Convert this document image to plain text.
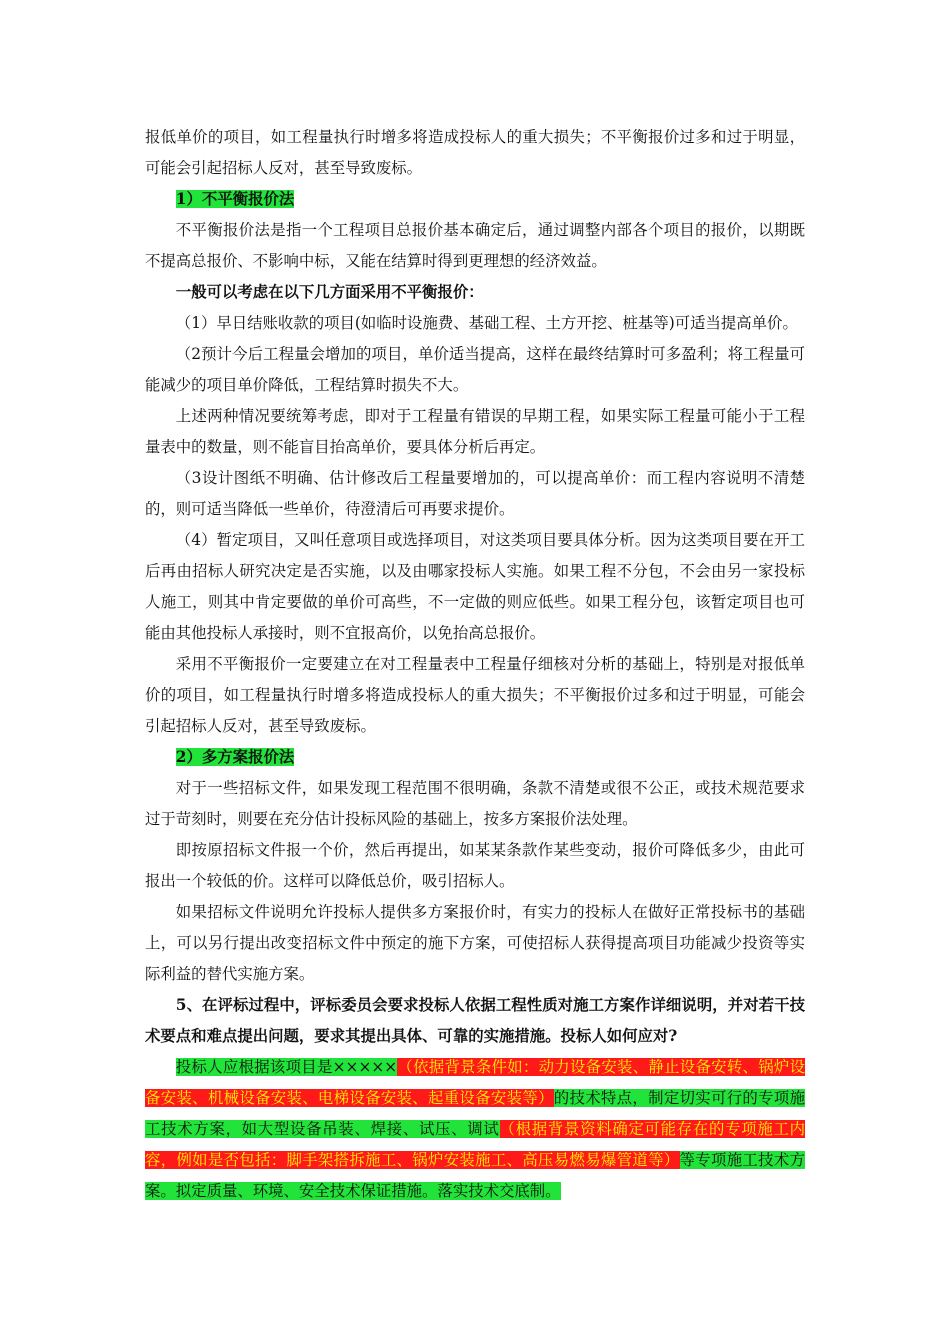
报低单价的项目，如工程量执行时增多将造成投标人的重大损失；不平衡报价过多和过于明显，可能会引起招标人反对，甚至导致废标。

1）不平衡报价法

不平衡报价法是指一个工程项目总报价基本确定后，通过调整内部各个项目的报价，以期既不提高总报价、不影响中标，又能在结算时得到更理想的经济效益。

一般可以考虑在以下几方面采用不平衡报价：

（1）早日结账收款的项目(如临时设施费、基础工程、土方开挖、桩基等)可适当提高单价。

（2预计今后工程量会增加的项目，单价适当提高，这样在最终结算时可多盈利；将工程量可能减少的项目单价降低，工程结算时损失不大。

上述两种情况要统筹考虑，即对于工程量有错误的早期工程，如果实际工程量可能小于工程量表中的数量，则不能盲目抬高单价，要具体分析后再定。

（3设计图纸不明确、估计修改后工程量要增加的，可以提高单价：而工程内容说明不清楚的，则可适当降低一些单价，待澄清后可再要求提价。

（4）暂定项目，又叫任意项目或选择项目，对这类项目要具体分析。因为这类项目要在开工后再由招标人研究决定是否实施，以及由哪家投标人实施。如果工程不分包，不会由另一家投标人施工，则其中肯定要做的单价可高些，不一定做的则应低些。如果工程分包，该暂定项目也可能由其他投标人承接时，则不宜报高价，以免抬高总报价。

采用不平衡报价一定要建立在对工程量表中工程量仔细核对分析的基础上，特别是对报低单价的项目，如工程量执行时增多将造成投标人的重大损失；不平衡报价过多和过于明显，可能会引起招标人反对，甚至导致废标。

2）多方案报价法

对于一些招标文件，如果发现工程范围不很明确，条款不清楚或很不公正，或技术规范要求过于苛刻时，则要在充分估计投标风险的基础上，按多方案报价法处理。

即按原招标文件报一个价，然后再提出，如某某条款作某些变动，报价可降低多少，由此可报出一个较低的价。这样可以降低总价，吸引招标人。

如果招标文件说明允许投标人提供多方案报价时，有实力的投标人在做好正常投标书的基础上，可以另行提出改变招标文件中预定的施下方案，可使招标人获得提高项目功能减少投资等实际利益的替代实施方案。

5、在评标过程中，评标委员会要求投标人依据工程性质对施工方案作详细说明，并对若干技术要点和难点提出问题，要求其提出具体、可靠的实施措施。投标人如何应对?

投标人应根据该项目是×××××（依据背景条件如：动力设备安装、静止设备安转、锅炉设备安装、机械设备安装、电梯设备安装、起重设备安装等）的技术特点，制定切实可行的专项施工技术方案，如大型设备吊装、焊接、试压、调试（根据背景资料确定可能存在的专项施工内容，例如是否包括：脚手架搭拆施工、锅炉安装施工、高压易燃易爆管道等）等专项施工技术方案。拟定质量、环境、安全技术保证措施。落实技术交底制。
